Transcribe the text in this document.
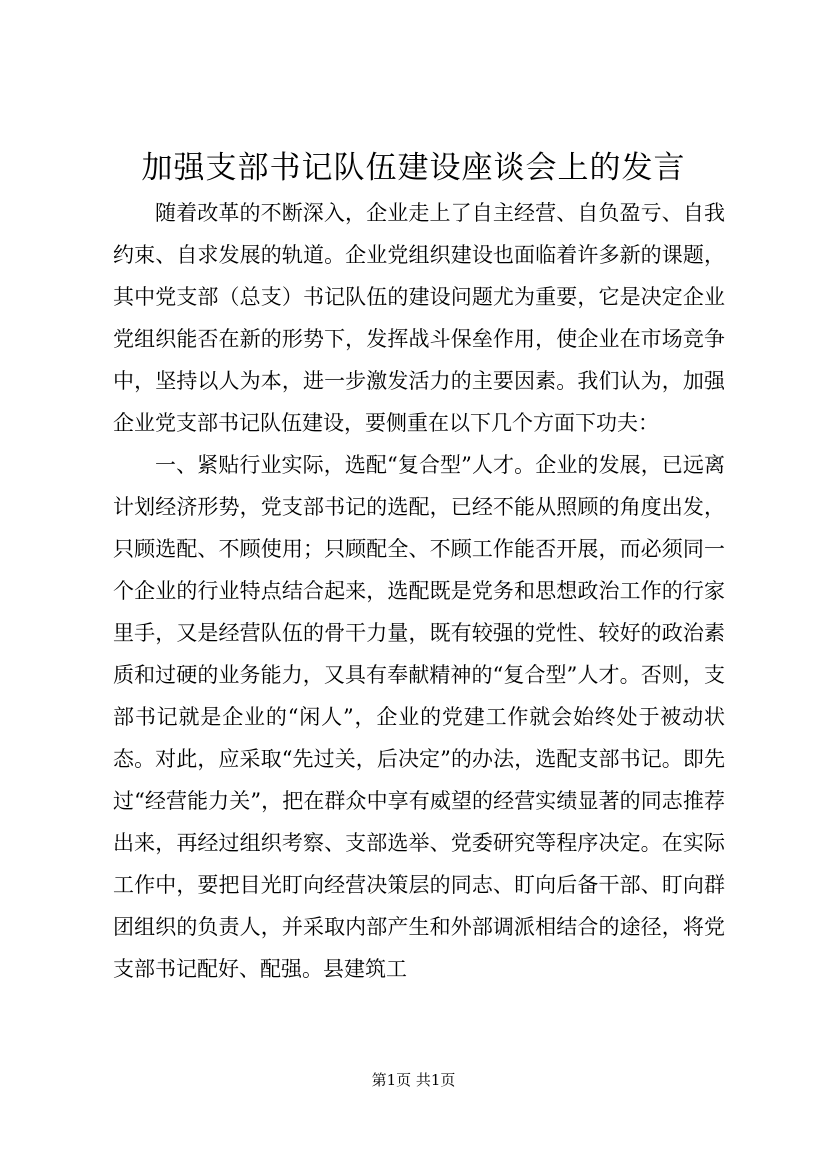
加强支部书记队伍建设座谈会上的发言

随着改革的不断深入，企业走上了自主经营、自负盈亏、自我约束、自求发展的轨道。企业党组织建设也面临着许多新的课题，其中党支部（总支）书记队伍的建设问题尤为重要，它是决定企业党组织能否在新的形势下，发挥战斗保垒作用，使企业在市场竞争中，坚持以人为本，进一步激发活力的主要因素。我们认为，加强企业党支部书记队伍建设，要侧重在以下几个方面下功夫：

一、紧贴行业实际，选配“复合型”人才。企业的发展，已远离计划经济形势，党支部书记的选配，已经不能从照顾的角度出发，只顾选配、不顾使用；只顾配全、不顾工作能否开展，而必须同一个企业的行业特点结合起来，选配既是党务和思想政治工作的行家里手，又是经营队伍的骨干力量，既有较强的党性、较好的政治素质和过硬的业务能力，又具有奉献精神的“复合型”人才。否则，支部书记就是企业的“闲人”，企业的党建工作就会始终处于被动状态。对此，应采取“先过关，后决定”的办法，选配支部书记。即先过“经营能力关”，把在群众中享有威望的经营实绩显著的同志推荐出来，再经过组织考察、支部选举、党委研究等程序决定。在实际工作中，要把目光盯向经营决策层的同志、盯向后备干部、盯向群团组织的负责人，并采取内部产生和外部调派相结合的途径，将党支部书记配好、配强。县建筑工

第1页 共1页
